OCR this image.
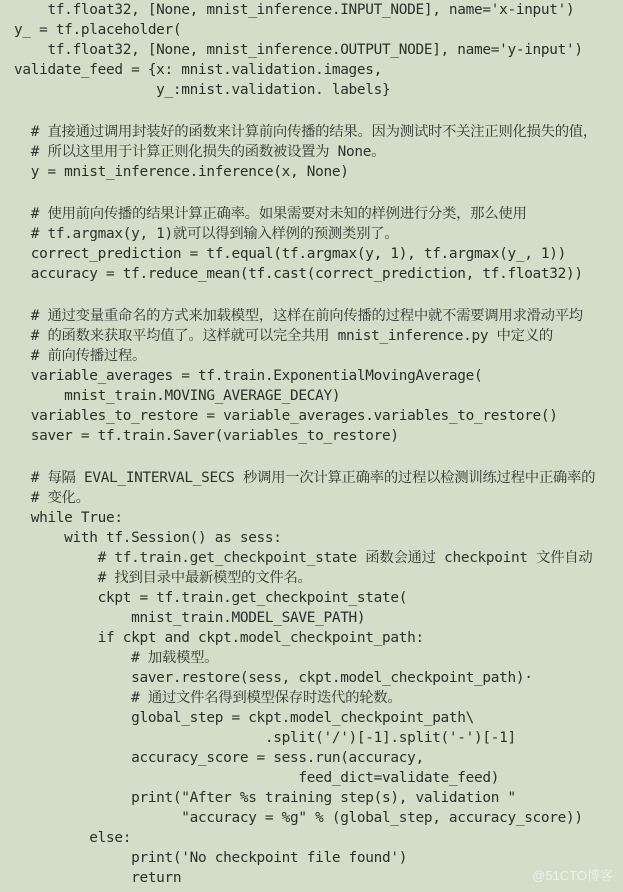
tf.float32, [None, mnist_inference.INPUT_NODE], name='x-input')
y_ = tf.placeholder(
tf.float32, [None, mnist_inference.OUTPUT_NODE], name='y-input')
validate_feed = {x: mnist.validation.images,
y_:mnist.validation. labels}
# 直接通过调用封装好的函数来计算前向传播的结果。因为测试时不关注正则化损失的值，
# 所以这里用于计算正则化损失的函数被设置为 None。
y = mnist_inference.inference(x, None)
# 使用前向传播的结果计算正确率。如果需要对未知的样例进行分类，那么使用
# tf.argmax(y, 1)就可以得到输入样例的预测类别了。
correct_prediction = tf.equal(tf.argmax(y, 1), tf.argmax(y_, 1))
accuracy = tf.reduce_mean(tf.cast(correct_prediction, tf.float32))
# 通过变量重命名的方式来加载模型，这样在前向传播的过程中就不需要调用求滑动平均
# 的函数来获取平均值了。这样就可以完全共用 mnist_inference.py 中定义的
# 前向传播过程。
variable_averages = tf.train.ExponentialMovingAverage(
mnist_train.MOVING_AVERAGE_DECAY)
variables_to_restore = variable_averages.variables_to_restore()
saver = tf.train.Saver(variables_to_restore)
# 每隔 EVAL_INTERVAL_SECS 秒调用一次计算正确率的过程以检测训练过程中正确率的
# 变化。
while True:
with tf.Session() as sess:
# tf.train.get_checkpoint_state 函数会通过 checkpoint 文件自动
# 找到目录中最新模型的文件名。
ckpt = tf.train.get_checkpoint_state(
mnist_train.MODEL_SAVE_PATH)
if ckpt and ckpt.model_checkpoint_path:
# 加载模型。
saver.restore(sess, ckpt.model_checkpoint_path)·
# 通过文件名得到模型保存时迭代的轮数。
global_step = ckpt.model_checkpoint_path\
.split('/')[-1].split('-')[-1]
accuracy_score = sess.run(accuracy,
feed_dict=validate_feed)
print("After %s training step(s), validation "
"accuracy = %g" % (global_step, accuracy_score))
else:
print('No checkpoint file found')
return	@51CTO博客
